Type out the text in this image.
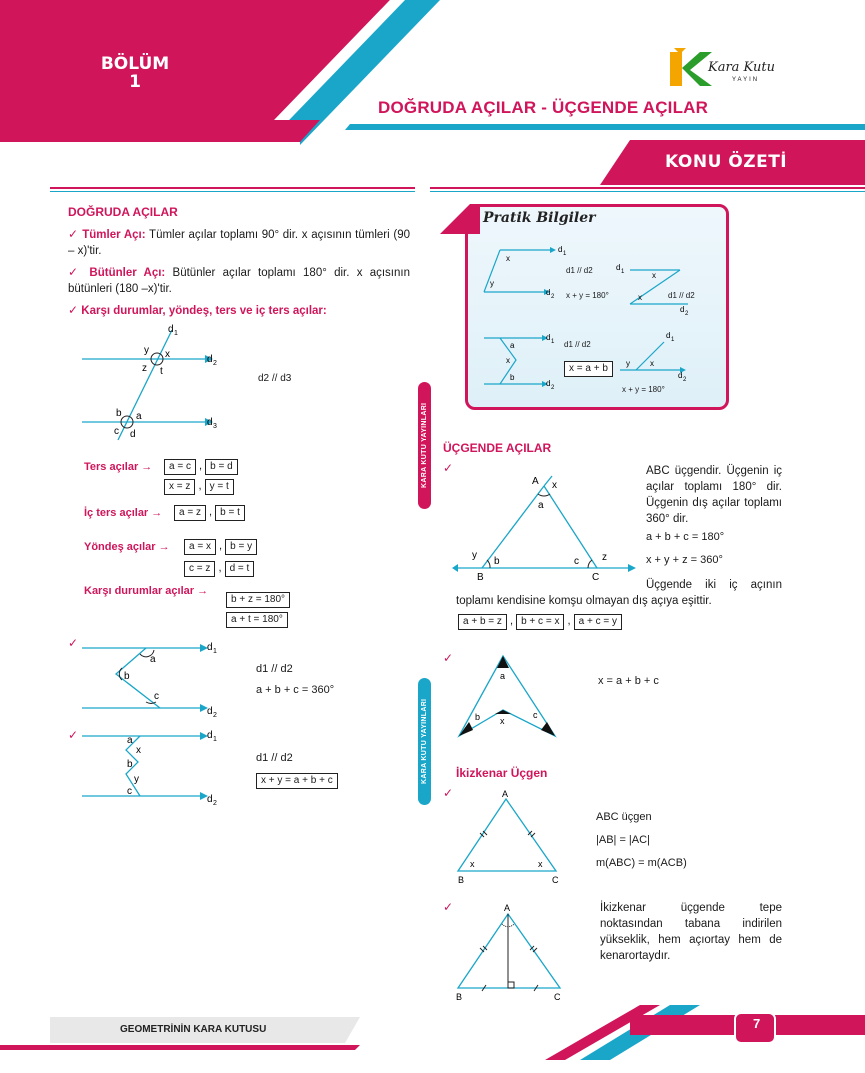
BÖLÜM
1
Kara Kutu
YAYIN
DOĞRUDA AÇILAR - ÜÇGENDE AÇILAR
KONU ÖZETİ
DOĞRUDA AÇILAR
✓ Tümler Açı: Tümler açılar toplamı 90° dir. x açısının tümleri (90 – x)'tir.
✓ Bütünler Açı: Bütünler açılar toplamı 180° dir. x açısının bütünleri (180 –x)'tir.
✓ Karşı durumlar, yöndeş, ters ve iç ters açılar:
d 1
d 2
d 3
y x
z t
b a
c d
d2 // d3
Ters açılar →	a = c , b = d
x = z , y = t
İç ters açılar →	a = z , b = t
Yöndeş açılar →	a = x , b = y
c = z , d = t
Karşı durumlar açılar →
b + z = 180°
a + t = 180°
✓
a
b
c
d 1
d 2
d1 // d2
a + b + c = 360°
✓	a
x
b
y
c
d 1
d 2
d1 // d2
x + y = a + b + c
Pratik Bilgiler
x
y
d 1
d 2
x
x
d 1
d 2
a
x
b
d 1
d 2
y	x
d 1
d 2
d1 // d2
x + y = 180°	d1 // d2
d1 // d2
x = a + b
x + y = 180°
KARA KUTU YAYINLARI
KARA KUTU YAYINLARI
ÜÇGENDE AÇILAR
✓
A x
a
y
b	c z
B	C
ABC üçgendir. Üçgenin iç açılar toplamı 180° dir. Üçgenin dış açılar toplamı 360° dir.
a + b + c = 180°
x + y + z = 360°
Üçgende iki iç açının toplamı kendisine komşu olmayan dış açıya eşittir.
a + b = z , b + c = x , a + c = y
✓
a
b x
c
x = a + b + c
İkizkenar Üçgen
✓	A
B	C
x	x
ABC üçgen
|AB| = |AC|
m(ABC) = m(ACB)
✓	A
B	C
İkizkenar üçgende tepe noktasından tabana indirilen yükseklik, hem açıortay hem de kenarortaydır.
GEOMETRİNİN KARA KUTUSU	7
